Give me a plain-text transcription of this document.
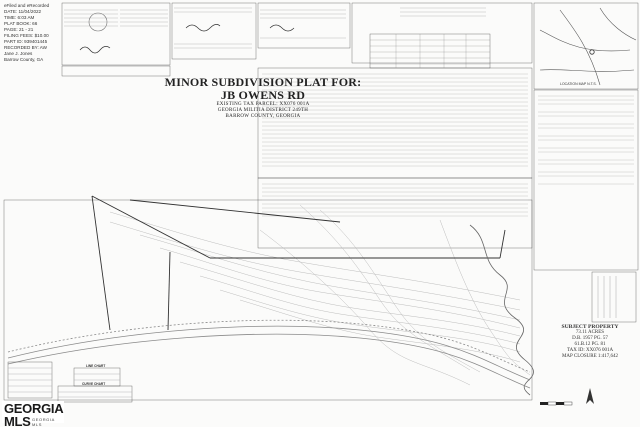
eFiled and eRecorded
DATE: 11/04/2022
TIME: 6:03 AM
PLAT BOOK: 66
PAGE: 21 - 21
FILING FEES: $10.00
PART ID: 939401445
RECORDED BY: AW
Jane J. Jones
Barrow County, GA
MINOR SUBDIVISION PLAT FOR:
JB OWENS RD
EXISTING TAX PARCEL: XX076 001A
GEORGIA MILITIA DISTRICT 249TH
BARROW COUNTY, GEORGIA
LOCATION MAP N.T.S.
SUBJECT PROPERTY
73.11 ACRES
D.B. 1957 PG. 57
61.B.12 PG. 81
TAX ID: XX076 001A
MAP CLOSURE 1:417,642
LINE CHART
CURVE CHART
GEORGIA MLS GEORGIA MLS
